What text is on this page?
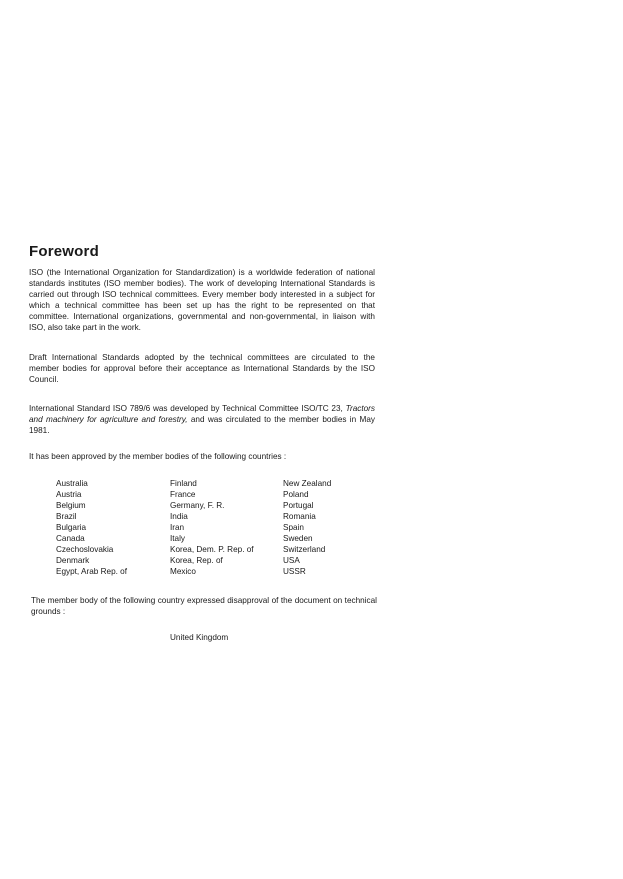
Foreword

ISO (the International Organization for Standardization) is a worldwide federation of national standards institutes (ISO member bodies). The work of developing International Standards is carried out through ISO technical committees. Every member body interested in a subject for which a technical committee has been set up has the right to be represented on that committee. International organizations, governmental and non-governmental, in liaison with ISO, also take part in the work.

Draft International Standards adopted by the technical committees are circulated to the member bodies for approval before their acceptance as International Standards by the ISO Council.

International Standard ISO 789/6 was developed by Technical Committee ISO/TC 23, Tractors and machinery for agriculture and forestry, and was circulated to the member bodies in May 1981.

It has been approved by the member bodies of the following countries :

Australia
Austria
Belgium
Brazil
Bulgaria
Canada
Czechoslovakia
Denmark
Egypt, Arab Rep. of
Finland
France
Germany, F. R.
India
Iran
Italy
Korea, Dem. P. Rep. of
Korea, Rep. of
Mexico
New Zealand
Poland
Portugal
Romania
Spain
Sweden
Switzerland
USA
USSR

The member body of the following country expressed disapproval of the document on technical grounds :

United Kingdom
